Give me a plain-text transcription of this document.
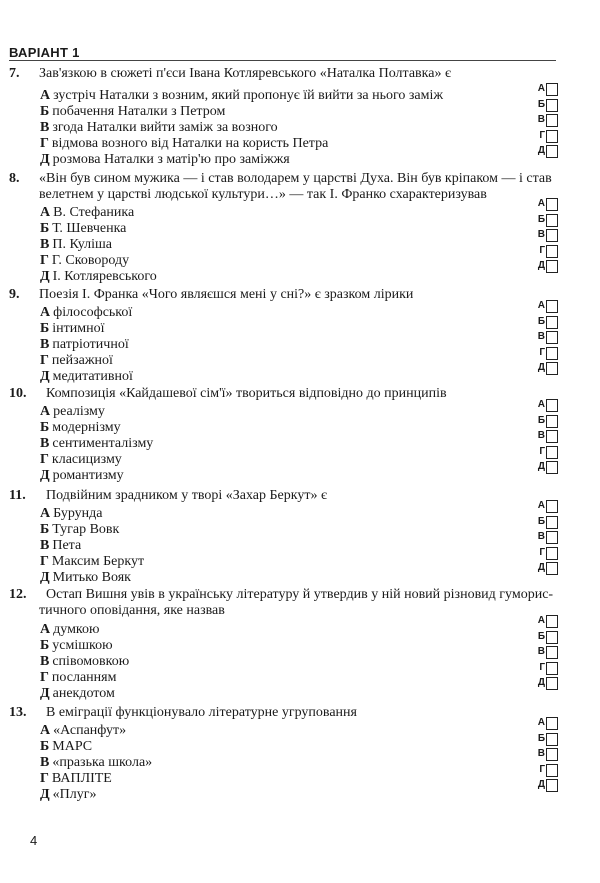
ВАРІАНТ 1
7. Зав'язкою в сюжеті п'єси Івана Котляревського «Наталка Полтавка» є
А зустріч Наталки з возним, який пропонує їй вийти за нього заміж
Б побачення Наталки з Петром
В згода Наталки вийти заміж за возного
Г відмова возного від Наталки на користь Петра
Д розмова Наталки з матір'ю про заміжжя
А
Б
В
Г
Д
8. «Він був сином мужика — і став володарем у царстві Духа. Він був кріпаком — і став
велетнем у царстві людської культури…» — так І. Франко схарактеризував
А В. Стефаника
Б Т. Шевченка
В П. Куліша
Г Г. Сковороду
Д І. Котляревського
А
Б
В
Г
Д
9. Поезія І. Франка «Чого являєшся мені у сні?» є зразком лірики
А філософської
Б інтимної
В патріотичної
Г пейзажної
Д медитативної
А
Б
В
Г
Д
10. Композиція «Кайдашевої сім'ї» твориться відповідно до принципів
А реалізму
Б модернізму
В сентименталізму
Г класицизму
Д романтизму
А
Б
В
Г
Д
11. Подвійним зрадником у творі «Захар Беркут» є
А Бурунда
Б Тугар Вовк
В Пета
Г Максим Беркут
Д Митько Вояк
А
Б
В
Г
Д
12. Остап Вишня увів в українську літературу й утвердив у ній новий різновид гуморис-
тичного оповідання, яке назвав
А думкою
Б усмішкою
В співомовкою
Г посланням
Д анекдотом
А
Б
В
Г
Д
13. В еміграції функціонувало літературне угруповання
А «Аспанфут»
Б МАРС
В «празька школа»
Г ВАПЛІТЕ
Д «Плуг»
А
Б
В
Г
Д
4
